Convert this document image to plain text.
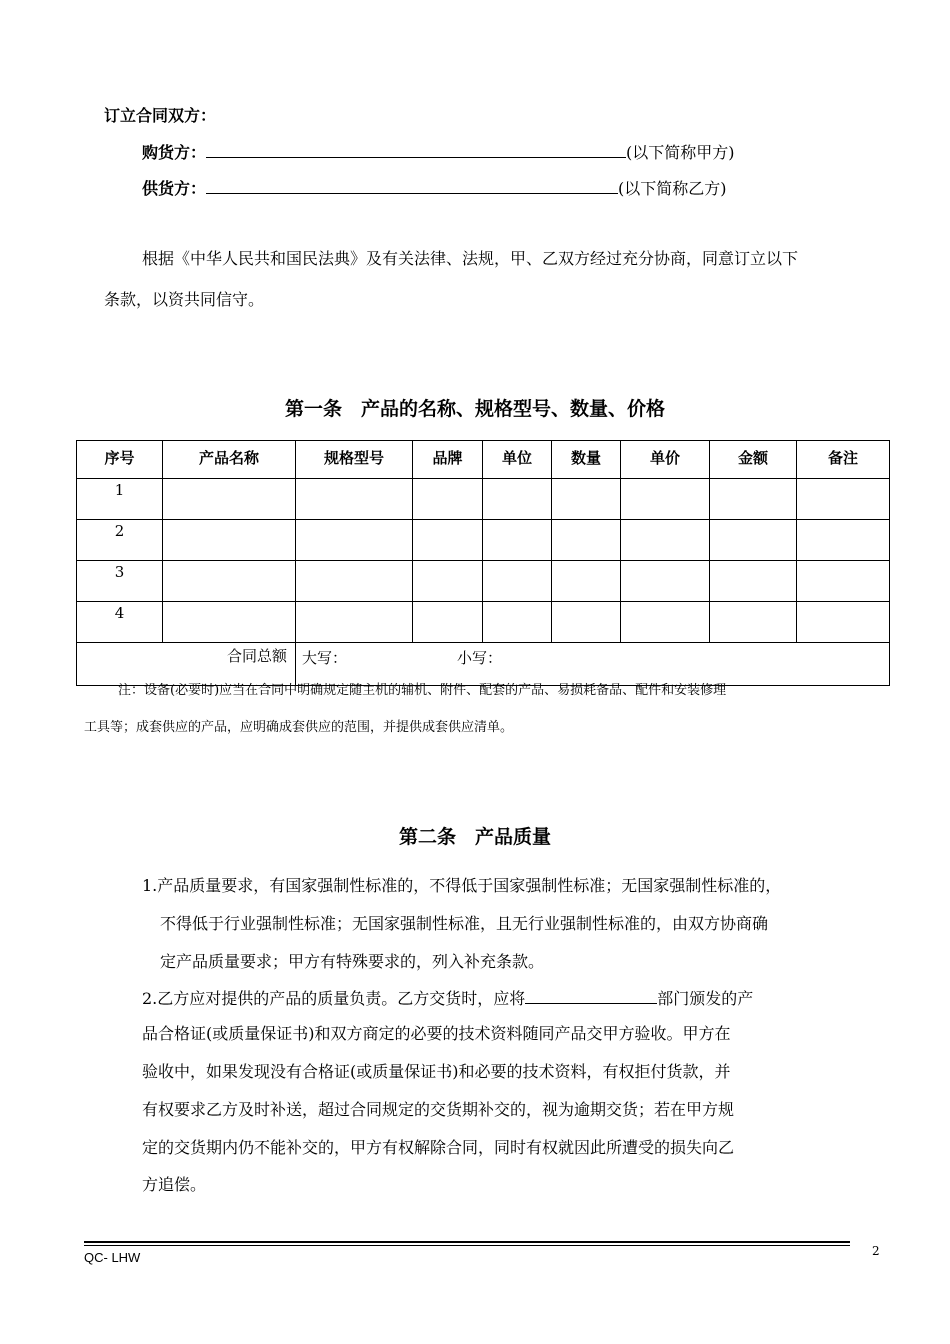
订立合同双方：
购货方：	(以下简称甲方)
供货方：	(以下简称乙方)
根据《中华人民共和国民法典》及有关法律、法规，甲、乙双方经过充分协商，同意订立以下
条款，以资共同信守。
第一条　产品的名称、规格型号、数量、价格
序号	产品名称	规格型号	品牌	单位	数量	单价	金额	备注
1								
2								
3								
4								
合同总额		大写： 小写：						
注：设备(必要时)应当在合同中明确规定随主机的辅机、附件、配套的产品、易损耗备品、配件和安装修理
工具等；成套供应的产品，应明确成套供应的范围，并提供成套供应清单。
第二条　产品质量
1.产品质量要求，有国家强制性标准的，不得低于国家强制性标准；无国家强制性标准的，
不得低于行业强制性标准；无国家强制性标准，且无行业强制性标准的，由双方协商确
定产品质量要求；甲方有特殊要求的，列入补充条款。
2.乙方应对提供的产品的质量负责。乙方交货时，应将	部门颁发的产
品合格证(或质量保证书)和双方商定的必要的技术资料随同产品交甲方验收。甲方在
验收中，如果发现没有合格证(或质量保证书)和必要的技术资料，有权拒付货款，并
有权要求乙方及时补送，超过合同规定的交货期补交的，视为逾期交货；若在甲方规
定的交货期内仍不能补交的，甲方有权解除合同，同时有权就因此所遭受的损失向乙
方追偿。
QC- LHW	2
